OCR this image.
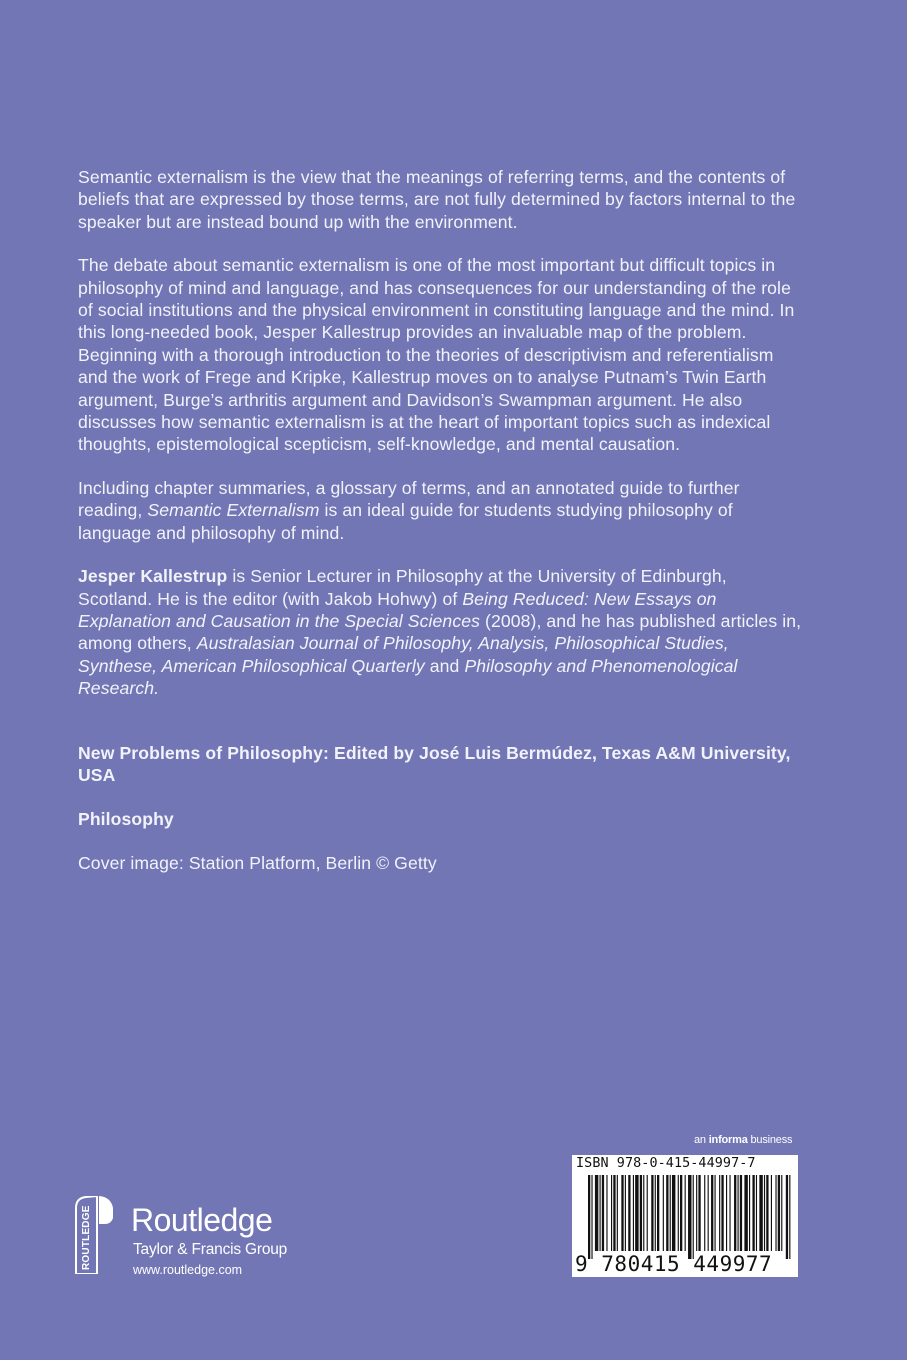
Semantic externalism is the view that the meanings of referring terms, and the contents of beliefs that are expressed by those terms, are not fully determined by factors internal to the speaker but are instead bound up with the environment.

The debate about semantic externalism is one of the most important but difficult topics in philosophy of mind and language, and has consequences for our understanding of the role of social institutions and the physical environment in constituting language and the mind. In this long-needed book, Jesper Kallestrup provides an invaluable map of the problem. Beginning with a thorough introduction to the theories of descriptivism and referentialism and the work of Frege and Kripke, Kallestrup moves on to analyse Putnam’s Twin Earth argument, Burge’s arthritis argument and Davidson’s Swampman argument. He also discusses how semantic externalism is at the heart of important topics such as indexical thoughts, epistemological scepticism, self-knowledge, and mental causation.

Including chapter summaries, a glossary of terms, and an annotated guide to further reading, Semantic Externalism is an ideal guide for students studying philosophy of language and philosophy of mind.

Jesper Kallestrup is Senior Lecturer in Philosophy at the University of Edinburgh, Scotland. He is the editor (with Jakob Hohwy) of Being Reduced: New Essays on Explanation and Causation in the Special Sciences (2008), and he has published articles in, among others, Australasian Journal of Philosophy, Analysis, Philosophical Studies, Synthese, American Philosophical Quarterly and Philosophy and Phenomenological Research.

New Problems of Philosophy: Edited by José Luis Bermúdez, Texas A&M University, USA

Philosophy

Cover image: Station Platform, Berlin © Getty

an informa business
ISBN 978-0-415-44997-7
9 780415 449977
ROUTLEDGE Routledge
Taylor & Francis Group
www.routledge.com
